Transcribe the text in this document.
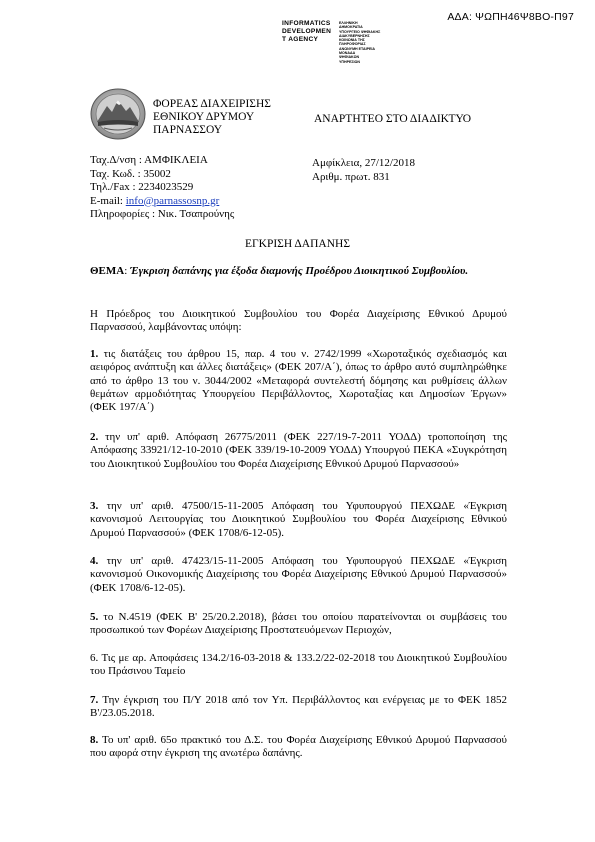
ΑΔΑ: ΨΩΠΗ46Ψ8ΒΟ-Π97
INFORMATICS
DEVELOPMEN
T AGENCY
ΕΛΛΗΝΙΚΗ ΔΗΜΟΚΡΑΤΙΑ
ΥΠΟΥΡΓΕΙΟ ΨΗΦΙΑΚΗΣ
ΔΙΑΚΥΒΕΡΝΗΣΗΣ
ΚΟΙΝΩΝΙΑ ΤΗΣ ΠΛΗΡΟΦΟΡΙΑΣ
ΑΝΩΝΥΜΗ ΕΤΑΙΡΕΙΑ
ΜΟΝΑΔΑ
ΨΗΦΙΑΚΩΝ
ΥΠΗΡΕΣΙΩΝ
ΦΟΡΕΑΣ ΔΙΑΧΕΙΡΙΣΗΣ
ΕΘΝΙΚΟΥ ΔΡΥΜΟΥ
ΠΑΡΝΑΣΣΟΥ
ΑΝΑΡΤΗΤΕΟ ΣΤΟ ΔΙΑΔΙΚΤΥΟ
Ταχ.Δ/νση : ΑΜΦΙΚΛΕΙΑ
Ταχ. Κωδ. : 35002
Τηλ./Fax : 2234023529
E-mail: info@parnassosnp.gr
Πληροφορίες : Νικ. Τσαπρούνης
Αμφίκλεια, 27/12/2018
Αριθμ. πρωτ. 831
ΕΓΚΡΙΣΗ ΔΑΠΑΝΗΣ
ΘΕΜΑ: Έγκριση δαπάνης για έξοδα διαμονής Προέδρου Διοικητικού Συμβουλίου.
Η Πρόεδρος του Διοικητικού Συμβουλίου του Φορέα Διαχείρισης Εθνικού Δρυμού Παρνασσού, λαμβάνοντας υπόψη:
1. τις διατάξεις του άρθρου 15, παρ. 4 του ν. 2742/1999 «Χωροταξικός σχεδιασμός και αειφόρος ανάπτυξη και άλλες διατάξεις» (ΦΕΚ 207/Α΄), όπως το άρθρο αυτό συμπληρώθηκε από το άρθρο 13 του ν. 3044/2002 «Μεταφορά συντελεστή δόμησης και ρυθμίσεις άλλων θεμάτων αρμοδιότητας Υπουργείου Περιβάλλοντος, Χωροταξίας και Δημοσίων Έργων» (ΦΕΚ 197/Α΄)
2. την υπ' αριθ. Απόφαση 26775/2011 (ΦΕΚ 227/19-7-2011 ΥΟΔΔ) τροποποίηση της Απόφασης 33921/12-10-2010 (ΦΕΚ 339/19-10-2009 ΥΟΔΔ) Υπουργού ΠΕΚΑ «Συγκρότηση του Διοικητικού Συμβουλίου του Φορέα Διαχείρισης Εθνικού Δρυμού Παρνασσού»
3. την υπ' αριθ. 47500/15-11-2005 Απόφαση του Υφυπουργού ΠΕΧΩΔΕ «Έγκριση κανονισμού Λειτουργίας του Διοικητικού Συμβουλίου του Φορέα Διαχείρισης Εθνικού Δρυμού Παρνασσού» (ΦΕΚ 1708/6-12-05).
4. την υπ' αριθ. 47423/15-11-2005 Απόφαση του Υφυπουργού ΠΕΧΩΔΕ «Έγκριση κανονισμού Οικονομικής Διαχείρισης του Φορέα Διαχείρισης Εθνικού Δρυμού Παρνασσού» (ΦΕΚ 1708/6-12-05).
5. το Ν.4519 (ΦΕΚ Β' 25/20.2.2018), βάσει του οποίου παρατείνονται οι συμβάσεις του προσωπικού των Φορέων Διαχείρισης Προστατευόμενων Περιοχών,
6. Τις με αρ. Αποφάσεις 134.2/16-03-2018 & 133.2/22-02-2018 του Διοικητικού Συμβουλίου του Πράσινου Ταμείο
7. Την έγκριση του Π/Υ 2018 από τον Υπ. Περιβάλλοντος και ενέργειας με το ΦΕΚ 1852 Β'/23.05.2018.
8. Το υπ' αριθ. 65ο πρακτικό του Δ.Σ. του Φορέα Διαχείρισης Εθνικού Δρυμού Παρνασσού που αφορά στην έγκριση της ανωτέρω δαπάνης.
